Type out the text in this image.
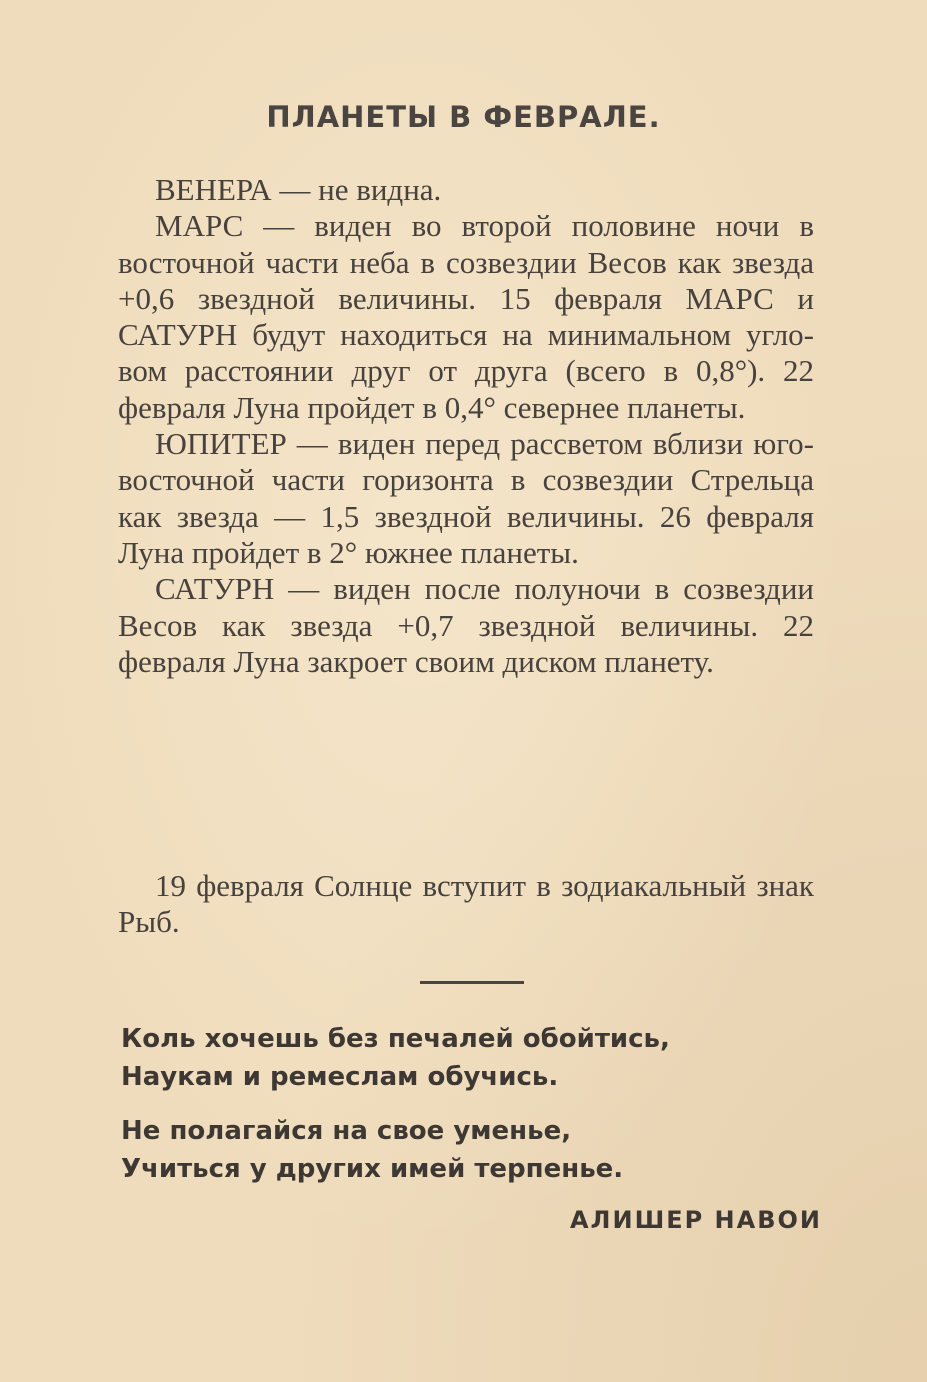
ПЛАНЕТЫ В ФЕВРАЛЕ.

ВЕНЕРА — не видна.

МАРС — виден во второй половине ночи в восточной части неба в созвездии Весов как звезда +0,6 звездной величины. 15 февраля МАРС и САТУРН будут находиться на минимальном угловом расстоянии друг от друга (всего в 0,8°). 22 февраля Луна пройдет в 0,4° севернее планеты.

ЮПИТЕР — виден перед рассветом вблизи юго-восточной части горизонта в созвездии Стрельца как звезда — 1,5 звездной величины. 26 февраля Луна пройдет в 2° южнее планеты.

САТУРН — виден после полуночи в созвездии Весов как звезда +0,7 звездной величины. 22 февраля Луна закроет своим диском планету.

19 февраля Солнце вступит в зодиакальный знак Рыб.

Коль хочешь без печалей обойтись,
Наукам и ремеслам обучись.
Не полагайся на свое уменье,
Учиться у других имей терпенье.
АЛИШЕР НАВОИ
